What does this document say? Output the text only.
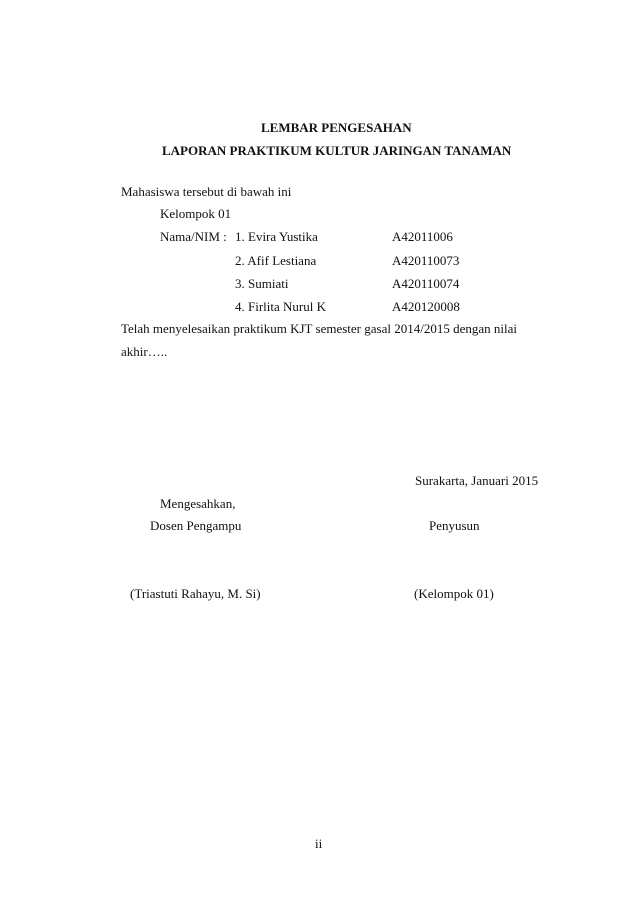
LEMBAR PENGESAHAN
LAPORAN PRAKTIKUM KULTUR JARINGAN TANAMAN
Mahasiswa tersebut di bawah ini
Kelompok 01
Nama/NIM : 1. Evira Yustika	A42011006
2. Afif Lestiana	A420110073
3. Sumiati	A420110074
4. Firlita Nurul K	A420120008
Telah menyelesaikan praktikum KJT semester gasal 2014/2015 dengan nilai
akhir…..
Surakarta, Januari 2015
Mengesahkan,
Dosen Pengampu	Penyusun
(Triastuti Rahayu, M. Si)	(Kelompok 01)
ii
